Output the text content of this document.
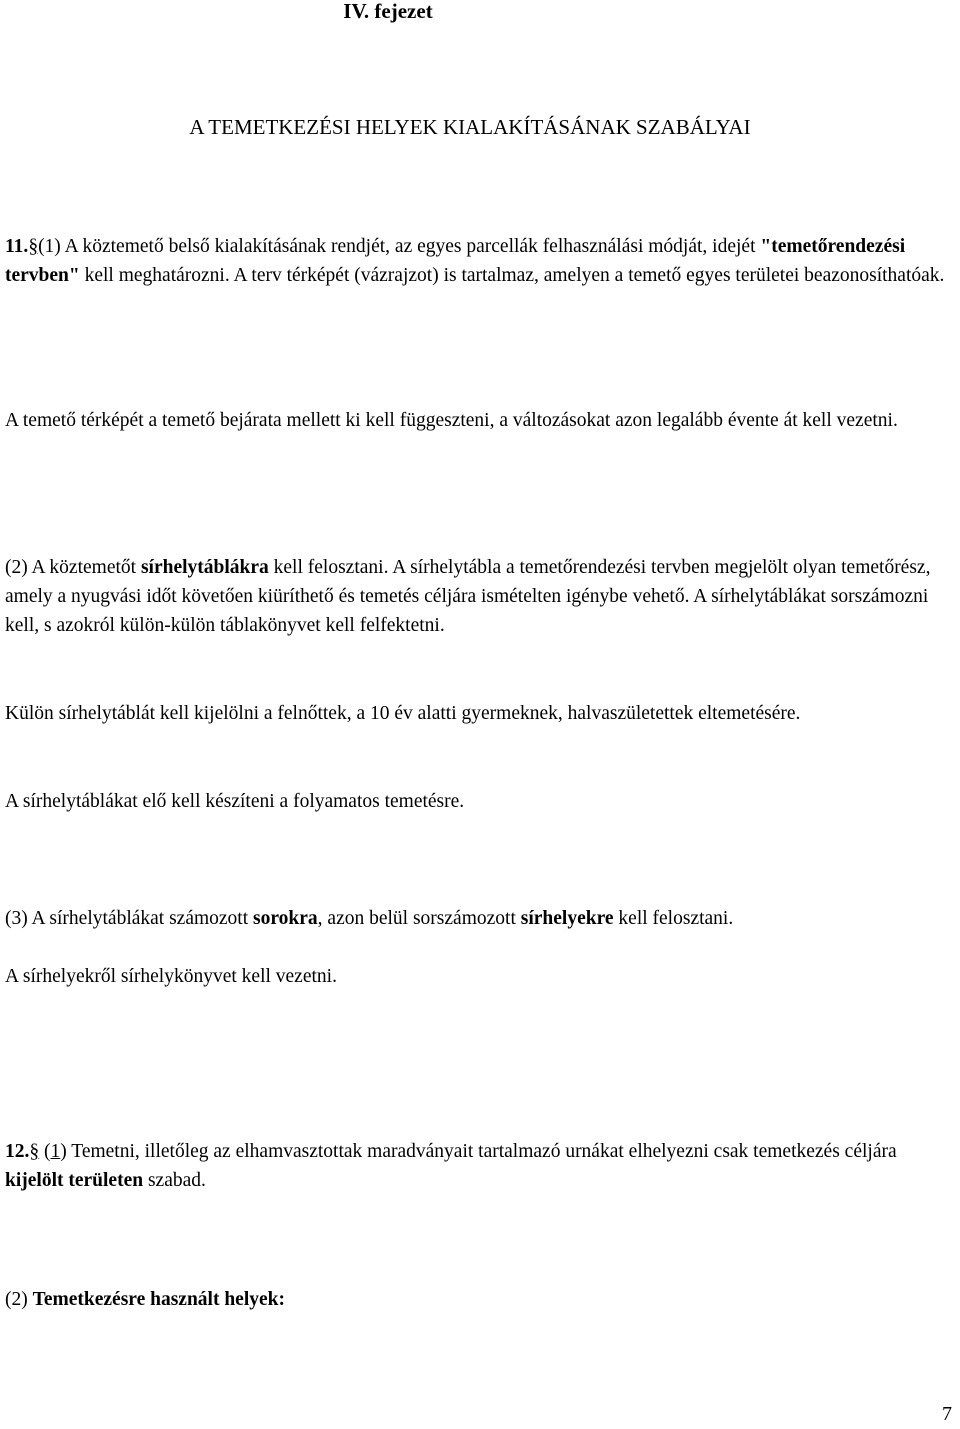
IV. fejezet

A TEMETKEZÉSI HELYEK KIALAKÍTÁSÁNAK SZABÁLYAI

11.§(1) A köztemető belső kialakításának rendjét, az egyes parcellák felhasználási módját, idejét "temetőrendezési tervben" kell meghatározni. A terv térképét (vázrajzot) is tartalmaz, amelyen a temető egyes területei beazonosíthatóak.

A temető térképét a temető bejárata mellett ki kell függeszteni, a változásokat azon legalább évente át kell vezetni.

(2) A köztemetőt sírhelytáblákra kell felosztani. A sírhelytábla a temetőrendezési tervben megjelölt olyan temetőrész, amely a nyugvási időt követően kiüríthető és temetés céljára ismételten igénybe vehető. A sírhelytáblákat sorszámozni kell, s azokról külön-külön táblakönyvet kell felfektetni.

Külön sírhelytáblát kell kijelölni a felnőttek, a 10 év alatti gyermeknek, halvaszületettek eltemetésére.

A sírhelytáblákat elő kell készíteni a folyamatos temetésre.

(3) A sírhelytáblákat számozott sorokra, azon belül sorszámozott sírhelyekre kell felosztani.

A sírhelyekről sírhelykönyvet kell vezetni.

12.§ (1) Temetni, illetőleg az elhamvasztottak maradványait tartalmazó urnákat elhelyezni csak temetkezés céljára kijelölt területen szabad.

(2) Temetkezésre használt helyek:

7
